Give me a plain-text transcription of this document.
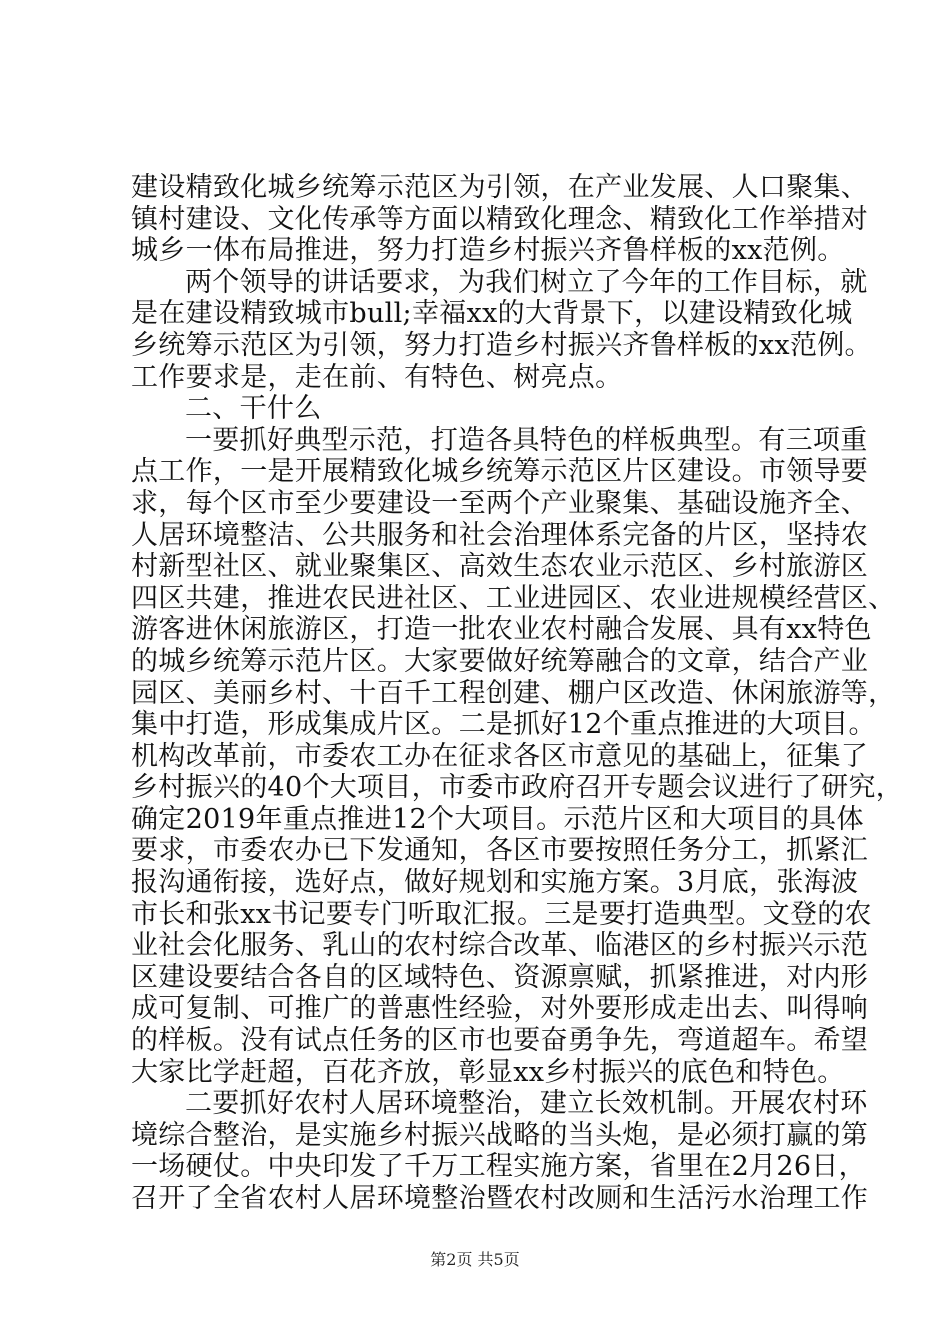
建设精致化城乡统筹示范区为引领，在产业发展、人口聚集、
镇村建设、文化传承等方面以精致化理念、精致化工作举措对
城乡一体布局推进，努力打造乡村振兴齐鲁样板的xx范例。
两个领导的讲话要求，为我们树立了今年的工作目标，就
是在建设精致城市bull;幸福xx的大背景下，以建设精致化城
乡统筹示范区为引领，努力打造乡村振兴齐鲁样板的xx范例。
工作要求是，走在前、有特色、树亮点。
二、干什么
一要抓好典型示范，打造各具特色的样板典型。有三项重
点工作，一是开展精致化城乡统筹示范区片区建设。市领导要
求，每个区市至少要建设一至两个产业聚集、基础设施齐全、
人居环境整洁、公共服务和社会治理体系完备的片区，坚持农
村新型社区、就业聚集区、高效生态农业示范区、乡村旅游区
四区共建，推进农民进社区、工业进园区、农业进规模经营区、
游客进休闲旅游区，打造一批农业农村融合发展、具有xx特色
的城乡统筹示范片区。大家要做好统筹融合的文章，结合产业
园区、美丽乡村、十百千工程创建、棚户区改造、休闲旅游等，
集中打造，形成集成片区。二是抓好12个重点推进的大项目。
机构改革前，市委农工办在征求各区市意见的基础上，征集了
乡村振兴的40个大项目，市委市政府召开专题会议进行了研究，
确定2019年重点推进12个大项目。示范片区和大项目的具体
要求，市委农办已下发通知，各区市要按照任务分工，抓紧汇
报沟通衔接，选好点，做好规划和实施方案。3月底，张海波
市长和张xx书记要专门听取汇报。三是要打造典型。文登的农
业社会化服务、乳山的农村综合改革、临港区的乡村振兴示范
区建设要结合各自的区域特色、资源禀赋，抓紧推进，对内形
成可复制、可推广的普惠性经验，对外要形成走出去、叫得响
的样板。没有试点任务的区市也要奋勇争先，弯道超车。希望
大家比学赶超，百花齐放，彰显xx乡村振兴的底色和特色。
二要抓好农村人居环境整治，建立长效机制。开展农村环
境综合整治，是实施乡村振兴战略的当头炮，是必须打赢的第
一场硬仗。中央印发了千万工程实施方案，省里在2月26日，
召开了全省农村人居环境整治暨农村改厕和生活污水治理工作
第2页 共5页
